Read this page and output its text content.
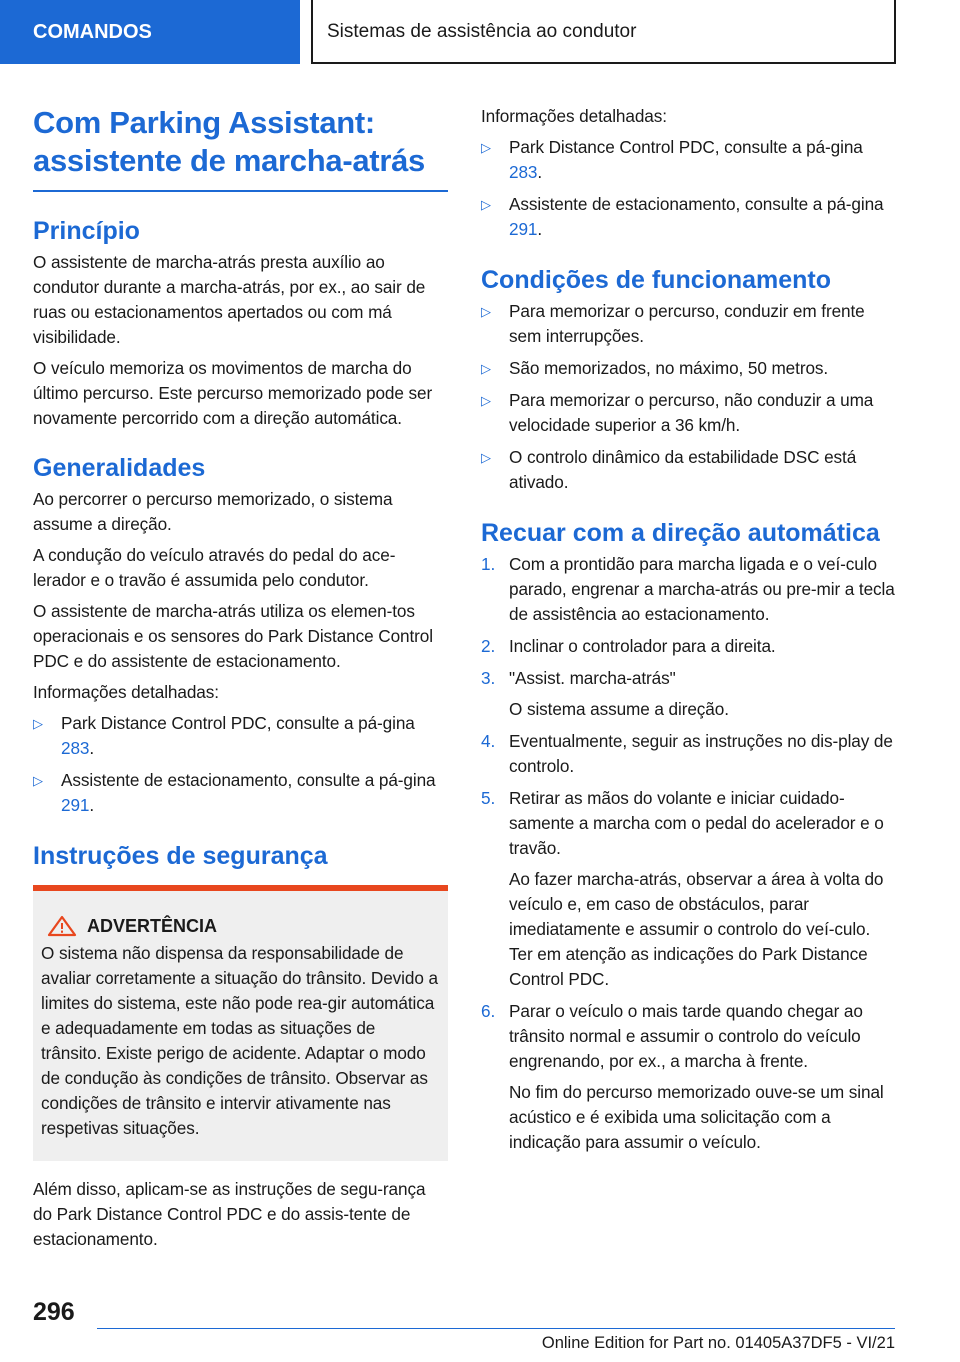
COMANDOS	Sistemas de assistência ao condutor
Com Parking Assistant:
assistente de marcha-atrás
Princípio
O assistente de marcha-atrás presta auxílio ao condutor durante a marcha-atrás, por ex., ao sair de ruas ou estacionamentos apertados ou com má visibilidade.
O veículo memoriza os movimentos de marcha do último percurso. Este percurso memorizado pode ser novamente percorrido com a direção automática.
Generalidades
Ao percorrer o percurso memorizado, o sistema assume a direção.
A condução do veículo através do pedal do ace-lerador e o travão é assumida pelo condutor.
O assistente de marcha-atrás utiliza os elemen-tos operacionais e os sensores do Park Distance Control PDC e do assistente de estacionamento.
Informações detalhadas:
▷ Park Distance Control PDC, consulte a pá-gina 283.
▷ Assistente de estacionamento, consulte a pá-gina 291.
Instruções de segurança
ADVERTÊNCIA
O sistema não dispensa da responsabilidade de avaliar corretamente a situação do trânsito. Devido a limites do sistema, este não pode rea-gir automática e adequadamente em todas as situações de trânsito. Existe perigo de acidente. Adaptar o modo de condução às condições de trânsito. Observar as condições de trânsito e intervir ativamente nas respetivas situações.
Além disso, aplicam-se as instruções de segu-rança do Park Distance Control PDC e do assis-tente de estacionamento.
Informações detalhadas:
▷ Park Distance Control PDC, consulte a pá-gina 283.
▷ Assistente de estacionamento, consulte a pá-gina 291.
Condições de funcionamento
▷ Para memorizar o percurso, conduzir em frente sem interrupções.
▷ São memorizados, no máximo, 50 metros.
▷ Para memorizar o percurso, não conduzir a uma velocidade superior a 36 km/h.
▷ O controlo dinâmico da estabilidade DSC está ativado.
Recuar com a direção automática
1. Com a prontidão para marcha ligada e o veí-culo parado, engrenar a marcha-atrás ou pre-mir a tecla de assistência ao estacionamento.
2. Inclinar o controlador para a direita.
3. "Assist. marcha-atrás"
O sistema assume a direção.
4. Eventualmente, seguir as instruções no dis-play de controlo.
5. Retirar as mãos do volante e iniciar cuidado-samente a marcha com o pedal do acelerador e o travão.
Ao fazer marcha-atrás, observar a área à volta do veículo e, em caso de obstáculos, parar imediatamente e assumir o controlo do veí-culo. Ter em atenção as indicações do Park Distance Control PDC.
6. Parar o veículo o mais tarde quando chegar ao trânsito normal e assumir o controlo do veículo engrenando, por ex., a marcha à frente.
No fim do percurso memorizado ouve-se um sinal acústico e é exibida uma solicitação com a indicação para assumir o veículo.
296
Online Edition for Part no. 01405A37DF5 - VI/21
